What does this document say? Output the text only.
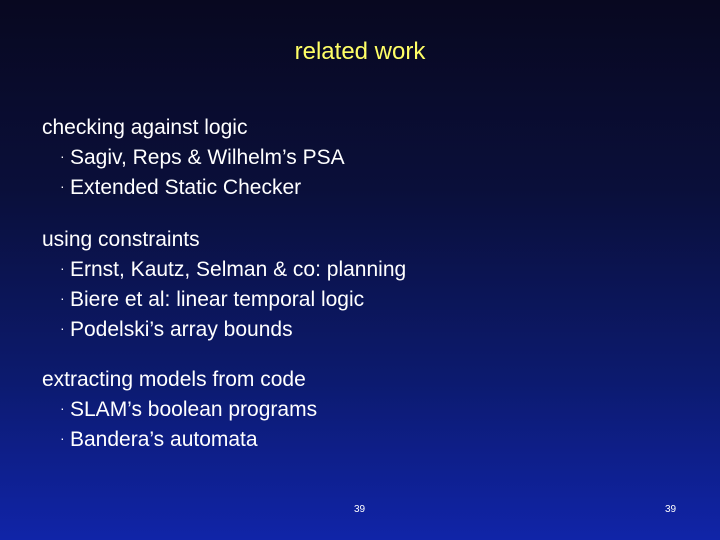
related work
checking against logic
· Sagiv, Reps & Wilhelm’s PSA
· Extended Static Checker
using constraints
· Ernst, Kautz, Selman & co: planning
· Biere et al: linear temporal logic
· Podelski’s array bounds
extracting models from code
· SLAM’s boolean programs
· Bandera’s automata
39	39
